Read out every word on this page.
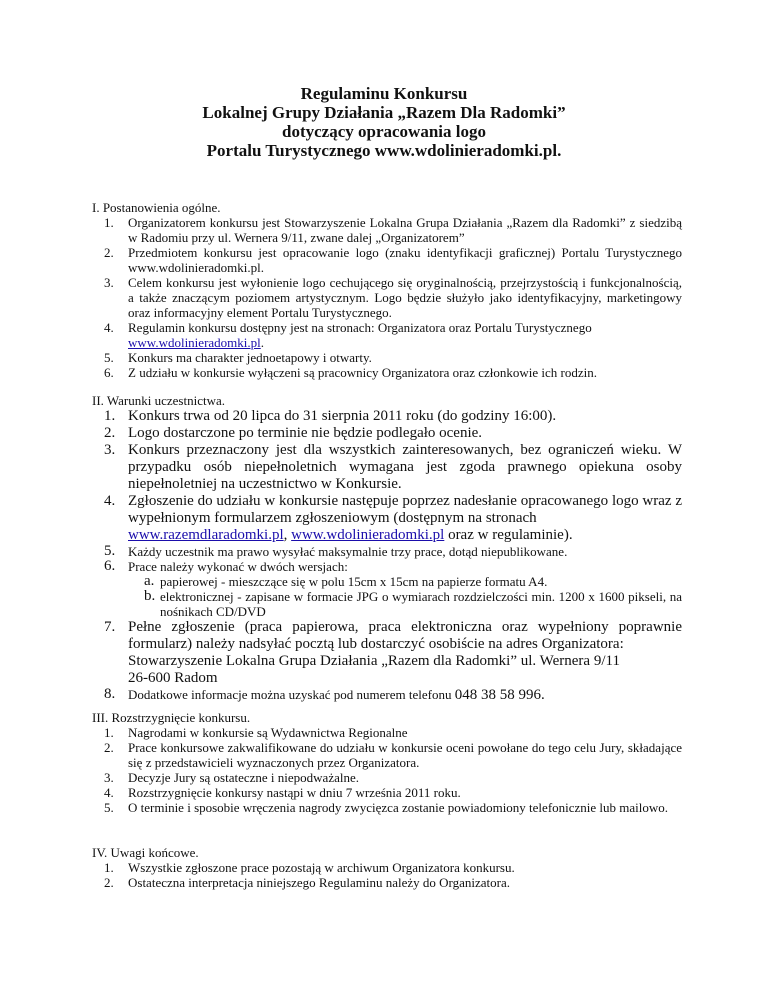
Regulaminu Konkursu
Lokalnej Grupy Działania „Razem Dla Radomki”
dotyczący opracowania logo
Portalu Turystycznego www.wdolinieradomki.pl.

I. Postanowienia ogólne.

1. Organizatorem konkursu jest Stowarzyszenie Lokalna Grupa Działania „Razem dla Radomki” z siedzibą w Radomiu przy ul. Wernera 9/11, zwane dalej „Organizatorem”
2. Przedmiotem konkursu jest opracowanie logo (znaku identyfikacji graficznej) Portalu Turystycznego www.wdolinieradomki.pl.
3. Celem konkursu jest wyłonienie logo cechującego się oryginalnością, przejrzystością i funkcjonalnością, a także znaczącym poziomem artystycznym. Logo będzie służyło jako identyfikacyjny, marketingowy oraz informacyjny element Portalu Turystycznego.
4. Regulamin konkursu dostępny jest na stronach: Organizatora oraz Portalu Turystycznego
www.wdolinieradomki.pl.
5. Konkurs ma charakter jednoetapowy i otwarty.
6. Z udziału w konkursie wyłączeni są pracownicy Organizatora oraz członkowie ich rodzin.

II. Warunki uczestnictwa.

1. Konkurs trwa od 20 lipca do 31 sierpnia 2011 roku (do godziny 16:00).
2. Logo dostarczone po terminie nie będzie podlegało ocenie.
3. Konkurs przeznaczony jest dla wszystkich zainteresowanych, bez ograniczeń wieku. W przypadku osób niepełnoletnich wymagana jest zgoda prawnego opiekuna osoby niepełnoletniej na uczestnictwo w Konkursie.
4. Zgłoszenie do udziału w konkursie następuje poprzez nadesłanie opracowanego logo wraz z wypełnionym formularzem zgłoszeniowym (dostępnym na stronach
www.razemdlaradomki.pl, www.wdolinieradomki.pl oraz w regulaminie).
5. Każdy uczestnik ma prawo wysyłać maksymalnie trzy prace, dotąd niepublikowane.
6. Prace należy wykonać w dwóch wersjach:
a. papierowej - mieszczące się w polu 15cm x 15cm na papierze formatu A4.
b. elektronicznej - zapisane w formacie JPG o wymiarach rozdzielczości min. 1200 x 1600 pikseli, na nośnikach CD/DVD
7. Pełne zgłoszenie (praca papierowa, praca elektroniczna oraz wypełniony poprawnie formularz) należy nadsyłać pocztą lub dostarczyć osobiście na adres Organizatora:
Stowarzyszenie Lokalna Grupa Działania „Razem dla Radomki” ul. Wernera 9/11
26-600 Radom
8. Dodatkowe informacje można uzyskać pod numerem telefonu 048 38 58 996.

III. Rozstrzygnięcie konkursu.

1. Nagrodami w konkursie są Wydawnictwa Regionalne
2. Prace konkursowe zakwalifikowane do udziału w konkursie oceni powołane do tego celu Jury, składające się z przedstawicieli wyznaczonych przez Organizatora.
3. Decyzje Jury są ostateczne i niepodważalne.
4. Rozstrzygnięcie konkursy nastąpi w dniu 7 września 2011 roku.
5. O terminie i sposobie wręczenia nagrody zwycięzca zostanie powiadomiony telefonicznie lub mailowo.

IV. Uwagi końcowe.

1. Wszystkie zgłoszone prace pozostają w archiwum Organizatora konkursu.
2. Ostateczna interpretacja niniejszego Regulaminu należy do Organizatora.
